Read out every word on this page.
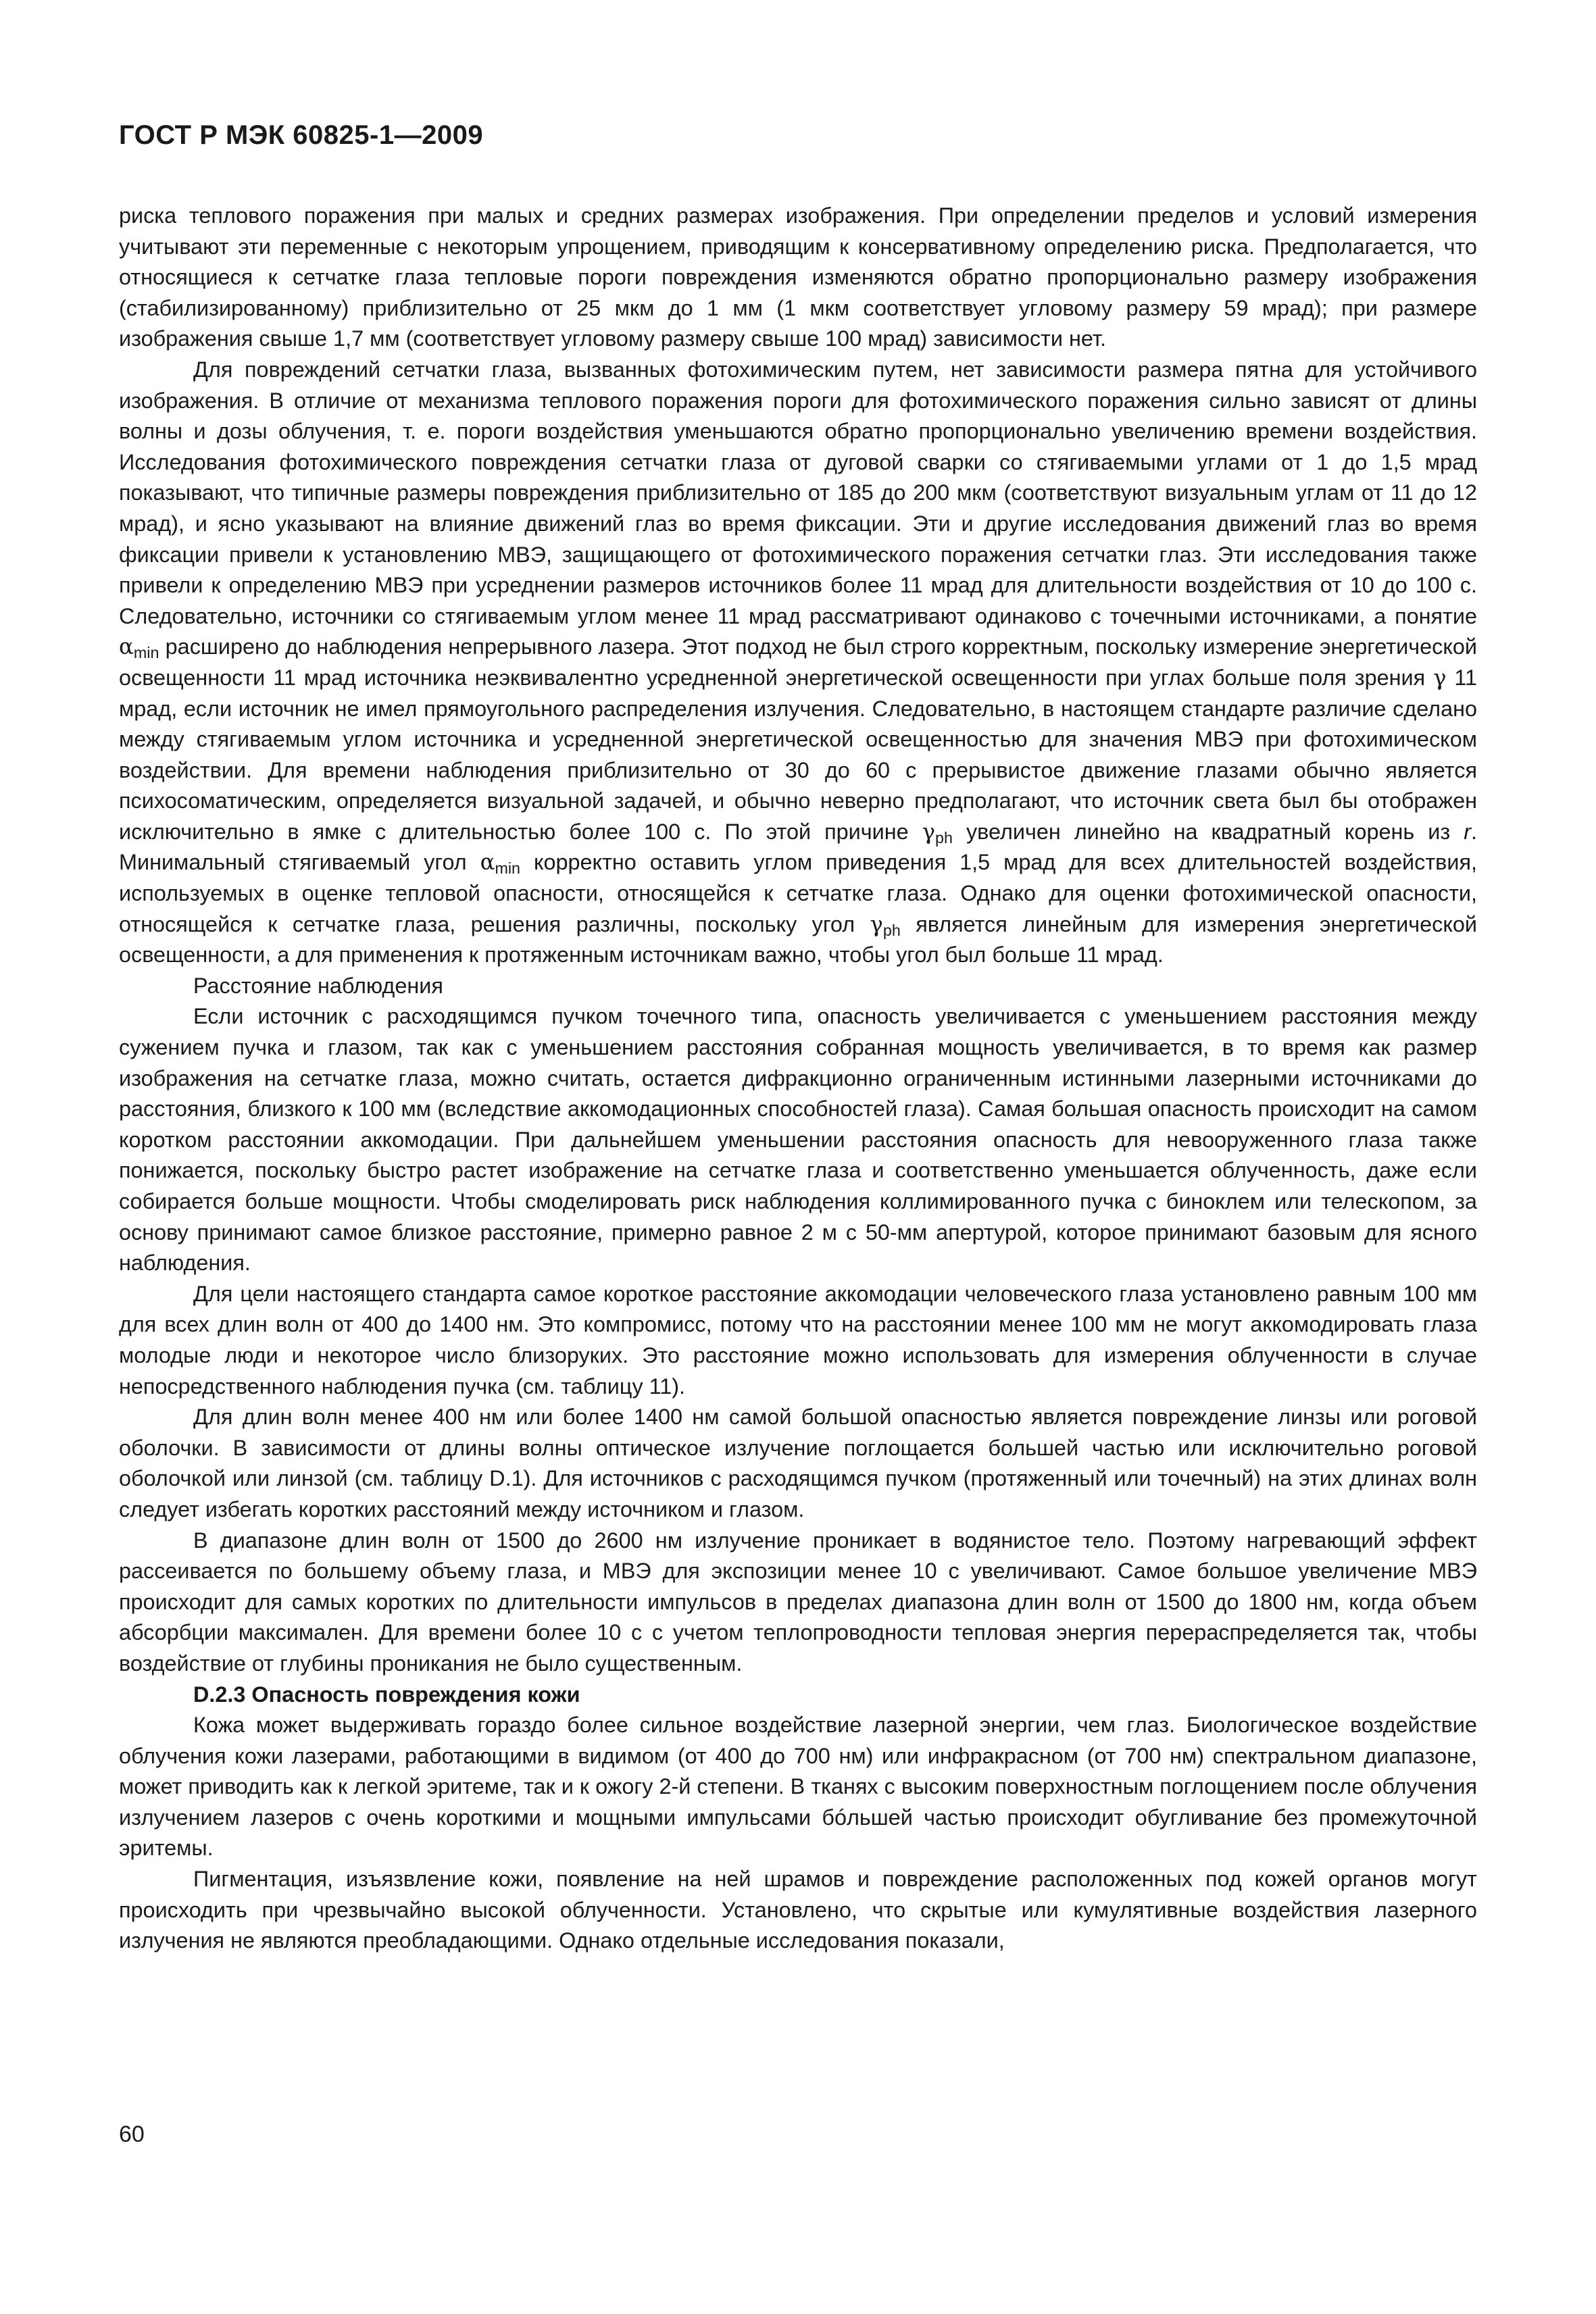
ГОСТ Р МЭК 60825-1—2009

риска теплового поражения при малых и средних размерах изображения. При определении пределов и условий измерения учитывают эти переменные с некоторым упрощением, приводящим к консервативному определению риска. Предполагается, что относящиеся к сетчатке глаза тепловые пороги повреждения изменяются обратно пропорционально размеру изображения (стабилизированному) приблизительно от 25 мкм до 1 мм (1 мкм соответствует угловому размеру 59 мрад); при размере изображения свыше 1,7 мм (соответствует угловому размеру свыше 100 мрад) зависимости нет.

Для повреждений сетчатки глаза, вызванных фотохимическим путем, нет зависимости размера пятна для устойчивого изображения. В отличие от механизма теплового поражения пороги для фотохимического поражения сильно зависят от длины волны и дозы облучения, т. е. пороги воздействия уменьшаются обратно пропорционально увеличению времени воздействия. Исследования фотохимического повреждения сетчатки глаза от дуговой сварки со стягиваемыми углами от 1 до 1,5 мрад показывают, что типичные размеры повреждения приблизительно от 185 до 200 мкм (соответствуют визуальным углам от 11 до 12 мрад), и ясно указывают на влияние движений глаз во время фиксации. Эти и другие исследования движений глаз во время фиксации привели к установлению МВЭ, защищающего от фотохимического поражения сетчатки глаз. Эти исследования также привели к определению МВЭ при усреднении размеров источников более 11 мрад для длительности воздействия от 10 до 100 с. Следовательно, источники со стягиваемым углом менее 11 мрад рассматривают одинаково с точечными источниками, а понятие $\alpha_{min}$ расширено до наблюдения непрерывного лазера. Этот подход не был строго корректным, поскольку измерение энергетической освещенности 11 мрад источника неэквивалентно усредненной энергетической освещенности при углах больше поля зрения γ 11 мрад, если источник не имел прямоугольного распределения излучения. Следовательно, в настоящем стандарте различие сделано между стягиваемым углом источника и усредненной энергетической освещенностью для значения МВЭ при фотохимическом воздействии. Для времени наблюдения приблизительно от 30 до 60 с прерывистое движение глазами обычно является психосоматическим, определяется визуальной задачей, и обычно неверно предполагают, что источник света был бы отображен исключительно в ямке с длительностью более 100 с. По этой причине $\gamma_{ph}$ увеличен линейно на квадратный корень из r. Минимальный стягиваемый угол $\alpha_{min}$ корректно оставить углом приведения 1,5 мрад для всех длительностей воздействия, используемых в оценке тепловой опасности, относящейся к сетчатке глаза. Однако для оценки фотохимической опасности, относящейся к сетчатке глаза, решения различны, поскольку угол $\gamma_{ph}$ является линейным для измерения энергетической освещенности, а для применения к протяженным источникам важно, чтобы угол был больше 11 мрад.

Расстояние наблюдения

Если источник с расходящимся пучком точечного типа, опасность увеличивается с уменьшением расстояния между сужением пучка и глазом, так как с уменьшением расстояния собранная мощность увеличивается, в то время как размер изображения на сетчатке глаза, можно считать, остается дифракционно ограниченным истинными лазерными источниками до расстояния, близкого к 100 мм (вследствие аккомодационных способностей глаза). Самая большая опасность происходит на самом коротком расстоянии аккомодации. При дальнейшем уменьшении расстояния опасность для невооруженного глаза также понижается, поскольку быстро растет изображение на сетчатке глаза и соответственно уменьшается облученность, даже если собирается больше мощности. Чтобы смоделировать риск наблюдения коллимированного пучка с биноклем или телескопом, за основу принимают самое близкое расстояние, примерно равное 2 м с 50-мм апертурой, которое принимают базовым для ясного наблюдения.

Для цели настоящего стандарта самое короткое расстояние аккомодации человеческого глаза установлено равным 100 мм для всех длин волн от 400 до 1400 нм. Это компромисс, потому что на расстоянии менее 100 мм не могут аккомодировать глаза молодые люди и некоторое число близоруких. Это расстояние можно использовать для измерения облученности в случае непосредственного наблюдения пучка (см. таблицу 11).

Для длин волн менее 400 нм или более 1400 нм самой большой опасностью является повреждение линзы или роговой оболочки. В зависимости от длины волны оптическое излучение поглощается большей частью или исключительно роговой оболочкой или линзой (см. таблицу D.1). Для источников с расходящимся пучком (протяженный или точечный) на этих длинах волн следует избегать коротких расстояний между источником и глазом.

В диапазоне длин волн от 1500 до 2600 нм излучение проникает в водянистое тело. Поэтому нагревающий эффект рассеивается по большему объему глаза, и МВЭ для экспозиции менее 10 с увеличивают. Самое большое увеличение МВЭ происходит для самых коротких по длительности импульсов в пределах диапазона длин волн от 1500 до 1800 нм, когда объем абсорбции максимален. Для времени более 10 с с учетом теплопроводности тепловая энергия перераспределяется так, чтобы воздействие от глубины проникания не было существенным.

D.2.3 Опасность повреждения кожи

Кожа может выдерживать гораздо более сильное воздействие лазерной энергии, чем глаз. Биологическое воздействие облучения кожи лазерами, работающими в видимом (от 400 до 700 нм) или инфракрасном (от 700 нм) спектральном диапазоне, может приводить как к легкой эритеме, так и к ожогу 2-й степени. В тканях с высоким поверхностным поглощением после облучения излучением лазеров с очень короткими и мощными импульсами бóльшей частью происходит обугливание без промежуточной эритемы.

Пигментация, изъязвление кожи, появление на ней шрамов и повреждение расположенных под кожей органов могут происходить при чрезвычайно высокой облученности. Установлено, что скрытые или кумулятивные воздействия лазерного излучения не являются преобладающими. Однако отдельные исследования показали,

60
